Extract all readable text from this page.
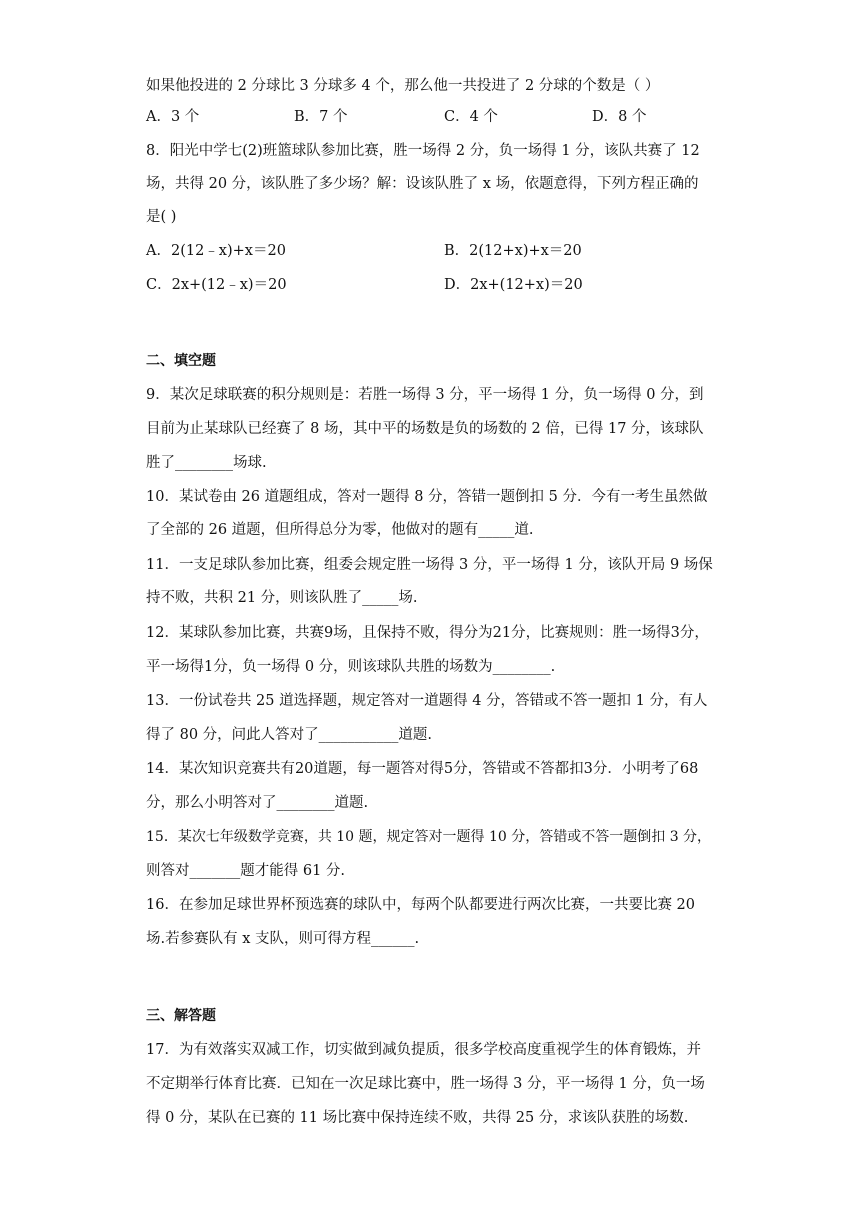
如果他投进的 2 分球比 3 分球多 4 个，那么他一共投进了 2 分球的个数是（ ）
A．3 个	B．7 个	C．4 个	D．8 个
8．阳光中学七(2)班篮球队参加比赛，胜一场得 2 分，负一场得 1 分，该队共赛了 12
场，共得 20 分，该队胜了多少场？解：设该队胜了 x 场，依题意得，下列方程正确的
是( )
A．2(12﹣x)+x＝20	B．2(12+x)+x＝20
C．2x+(12﹣x)＝20	D．2x+(12+x)＝20
二、填空题
9．某次足球联赛的积分规则是：若胜一场得 3 分，平一场得 1 分，负一场得 0 分，到
目前为止某球队已经赛了 8 场，其中平的场数是负的场数的 2 倍，已得 17 分，该球队
胜了________场球.
10．某试卷由 26 道题组成，答对一题得 8 分，答错一题倒扣 5 分．今有一考生虽然做
了全部的 26 道题，但所得总分为零，他做对的题有_____道.
11．一支足球队参加比赛，组委会规定胜一场得 3 分，平一场得 1 分，该队开局 9 场保
持不败，共积 21 分，则该队胜了_____场.
12．某球队参加比赛，共赛9场，且保持不败，得分为21分，比赛规则：胜一场得3分，
平一场得1分，负一场得 0 分，则该球队共胜的场数为________.
13．一份试卷共 25 道选择题，规定答对一道题得 4 分，答错或不答一题扣 1 分，有人
得了 80 分，问此人答对了___________道题.
14．某次知识竞赛共有20道题，每一题答对得5分，答错或不答都扣3分．小明考了68
分，那么小明答对了________道题.
15．某次七年级数学竞赛，共 10 题，规定答对一题得 10 分，答错或不答一题倒扣 3 分，
则答对_______题才能得 61 分.
16．在参加足球世界杯预选赛的球队中，每两个队都要进行两次比赛，一共要比赛 20
场.若参赛队有 x 支队，则可得方程______.
三、解答题
17．为有效落实双减工作，切实做到减负提质，很多学校高度重视学生的体育锻炼，并
不定期举行体育比赛．已知在一次足球比赛中，胜一场得 3 分，平一场得 1 分，负一场
得 0 分，某队在已赛的 11 场比赛中保持连续不败，共得 25 分，求该队获胜的场数.
